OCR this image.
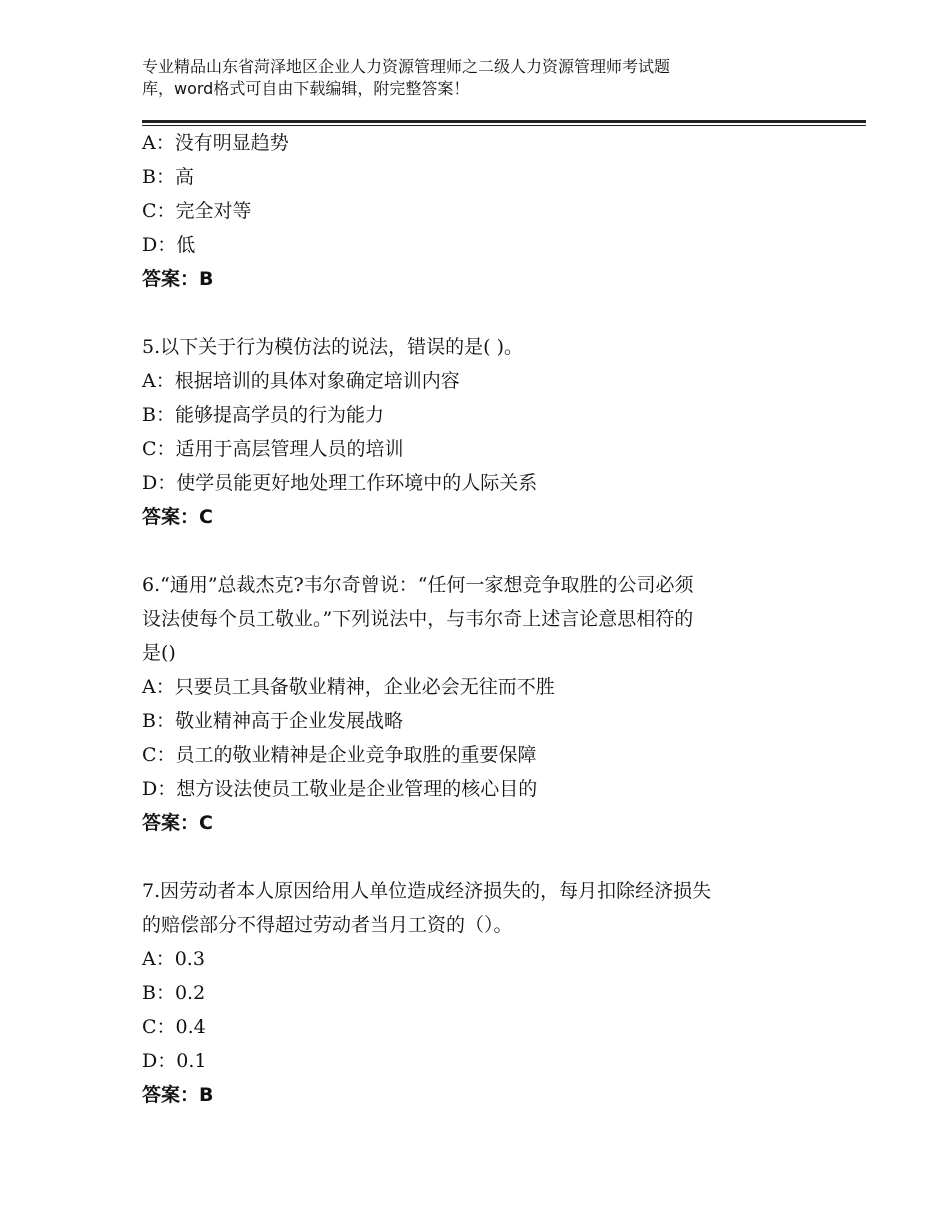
专业精品山东省菏泽地区企业人力资源管理师之二级人力资源管理师考试题
库，word格式可自由下载编辑，附完整答案！
A：没有明显趋势
B：高
C：完全对等
D：低
答案：B
5.以下关于行为模仿法的说法，错误的是( )。
A：根据培训的具体对象确定培训内容
B：能够提高学员的行为能力
C：适用于高层管理人员的培训
D：使学员能更好地处理工作环境中的人际关系
答案：C
6.“通用”总裁杰克?韦尔奇曾说：“任何一家想竞争取胜的公司必须
设法使每个员工敬业。”下列说法中，与韦尔奇上述言论意思相符的
是()
A：只要员工具备敬业精神，企业必会无往而不胜
B：敬业精神高于企业发展战略
C：员工的敬业精神是企业竞争取胜的重要保障
D：想方设法使员工敬业是企业管理的核心目的
答案：C
7.因劳动者本人原因给用人单位造成经济损失的，每月扣除经济损失
的赔偿部分不得超过劳动者当月工资的（）。
A：0.3
B：0.2
C：0.4
D：0.1
答案：B
